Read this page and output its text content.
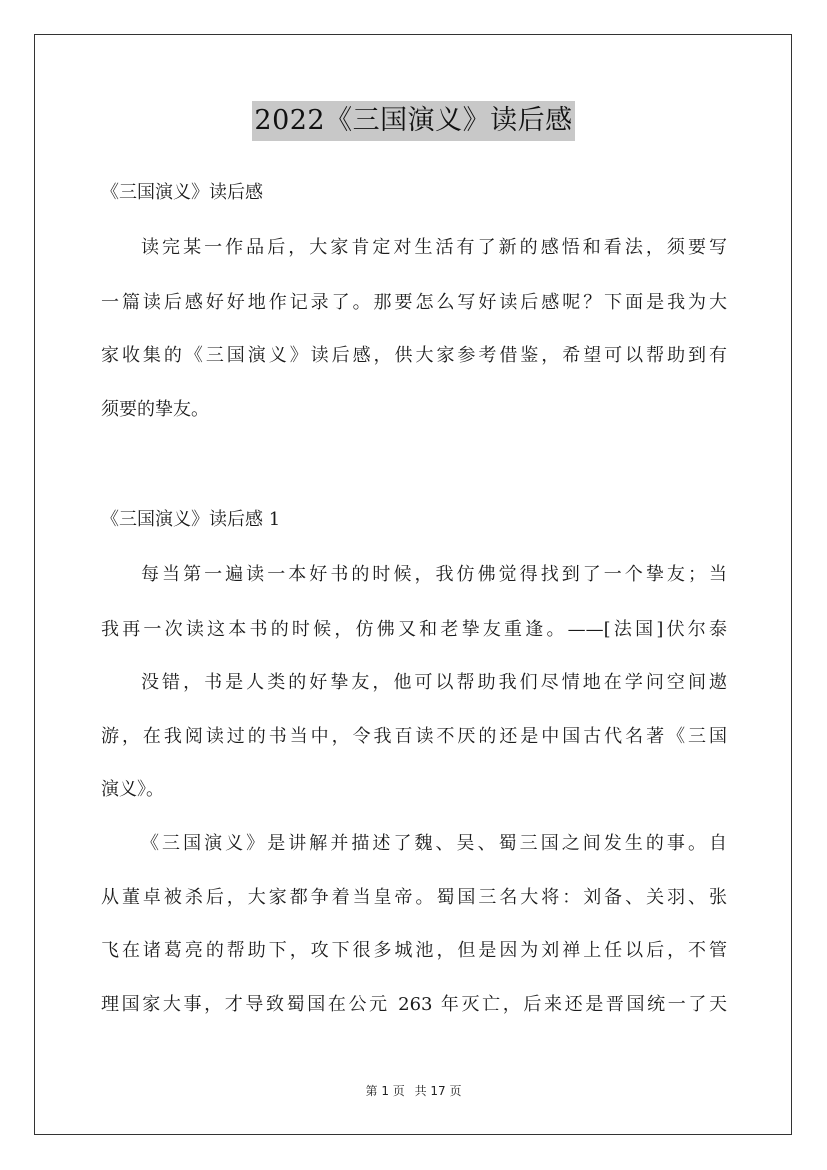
2022《三国演义》读后感
《三国演义》读后感
读完某一作品后，大家肯定对生活有了新的感悟和看法，须要写
一篇读后感好好地作记录了。那要怎么写好读后感呢？下面是我为大
家收集的《三国演义》读后感，供大家参考借鉴，希望可以帮助到有
须要的挚友。
《三国演义》读后感 1
每当第一遍读一本好书的时候，我仿佛觉得找到了一个挚友；当
我再一次读这本书的时候，仿佛又和老挚友重逢。——[法国]伏尔泰
没错，书是人类的好挚友，他可以帮助我们尽情地在学问空间遨
游，在我阅读过的书当中，令我百读不厌的还是中国古代名著《三国
演义》。
《三国演义》是讲解并描述了魏、吴、蜀三国之间发生的事。自
从董卓被杀后，大家都争着当皇帝。蜀国三名大将：刘备、关羽、张
飞在诸葛亮的帮助下，攻下很多城池，但是因为刘禅上任以后，不管
理国家大事，才导致蜀国在公元 263 年灭亡，后来还是晋国统一了天
第 1 页 共 17 页
